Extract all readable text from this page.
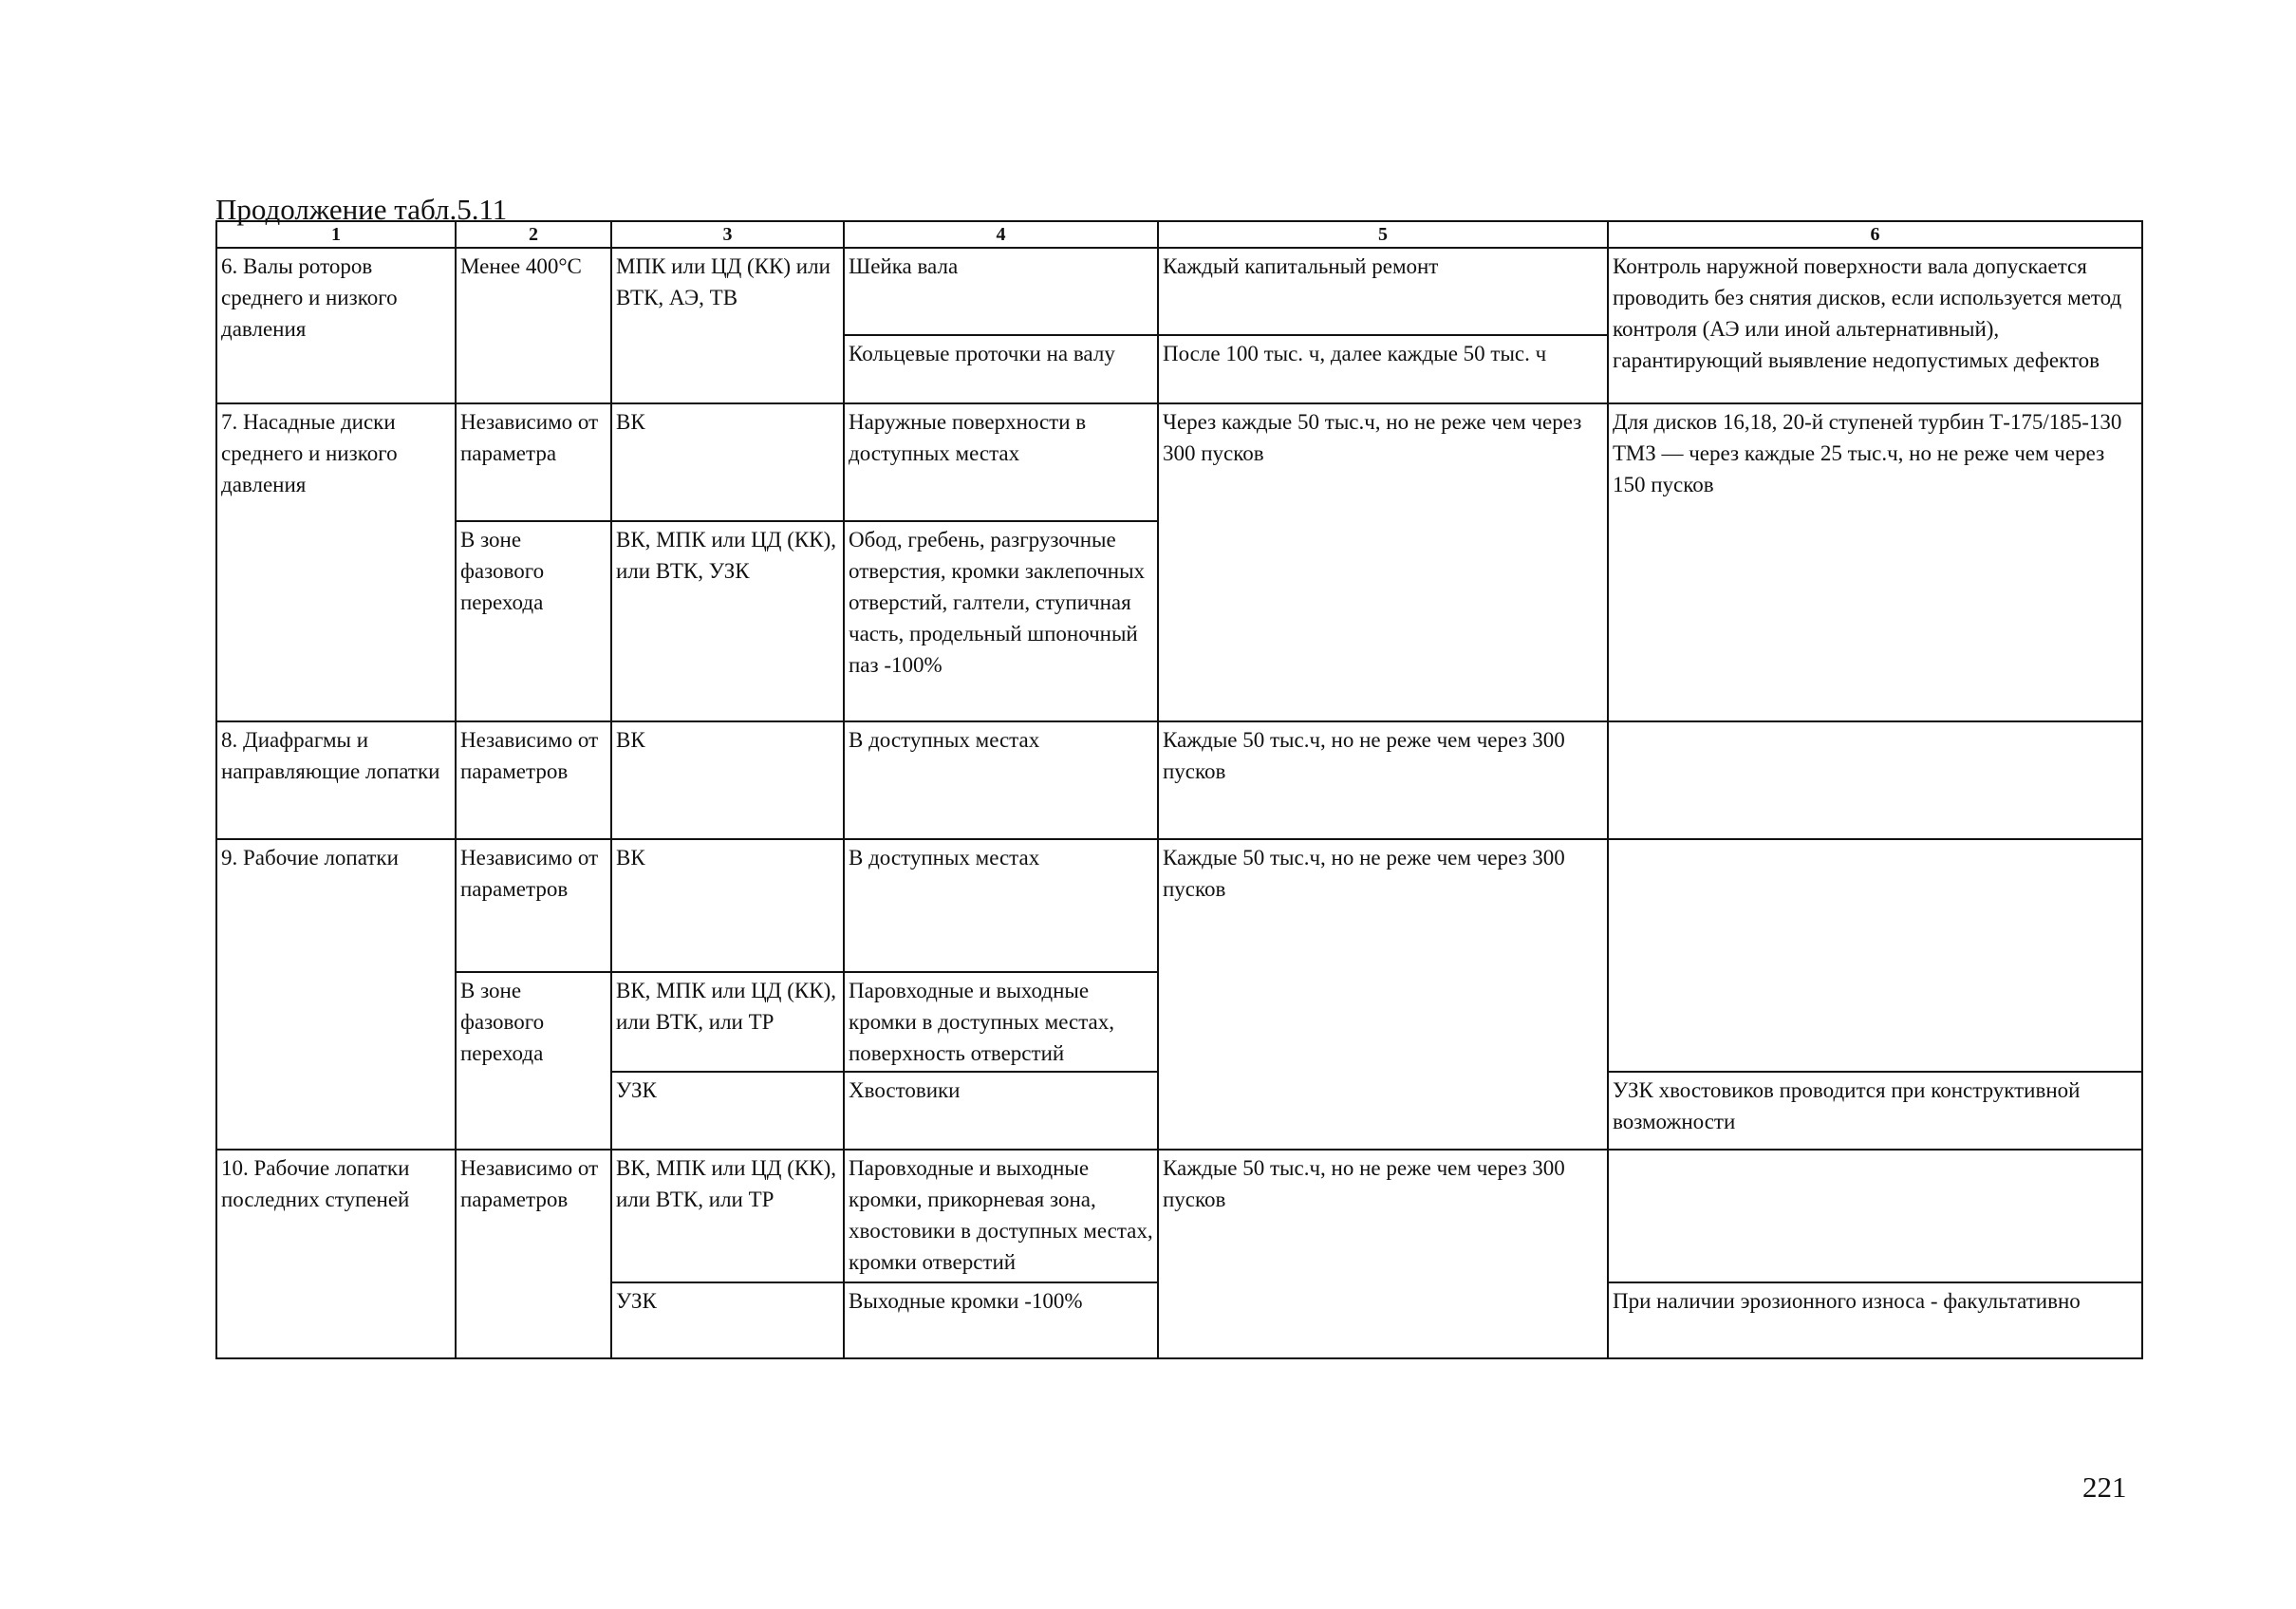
Продолжение табл.5.11
1	2	3	4	5	6
6. Валы роторов среднего и низкого давления	Менее 400°С	МПК или ЦД (КК) или ВТК, АЭ, ТВ	Шейка вала	Каждый капитальный ремонт	Контроль наружной поверхности вала допускается проводить без снятия дисков, если используется метод контроля (АЭ или иной альтернативный), гарантирующий выявление недопустимых дефектов
			Кольцевые проточки на валу	После 100 тыс. ч, далее каждые 50 тыс. ч	
7. Насадные диски среднего и низкого давления	Независимо от параметра	ВК	Наружные поверхности в доступных местах	Через каждые 50 тыс.ч, но не реже чем через 300 пусков	Для дисков 16,18, 20-й ступеней турбин Т-175/185-130 ТМЗ — через каждые 25 тыс.ч, но не реже чем через 150 пусков
	В зоне фазового перехода	ВК, МПК или ЦД (КК), или ВТК, УЗК	Обод, гребень, разгрузочные отверстия, кромки заклепочных отверстий, галтели, ступичная часть, продельный шпоночный паз -100%		
8. Диафрагмы и направляющие лопатки	Независимо от параметров	ВК	В доступных местах	Каждые 50 тыс.ч, но не реже чем через 300 пусков	
9. Рабочие лопатки	Независимо от параметров	ВК	В доступных местах	Каждые 50 тыс.ч, но не реже чем через 300 пусков	
	В зоне фазового перехода	ВК, МПК или ЦД (КК), или ВТК, или ТР	Паровходные и выходные кромки в доступных местах, поверхность отверстий		
		УЗК	Хвостовики		УЗК хвостовиков проводится при конструктивной возможности
10. Рабочие лопатки последних ступеней	Независимо от параметров	ВК, МПК или ЦД (КК), или ВТК, или ТР	Паровходные и выходные кромки, прикорневая зона, хвостовики в доступных местах, кромки отверстий	Каждые 50 тыс.ч, но не реже чем через 300 пусков	
		УЗК	Выходные кромки -100%		При наличии эрозионного износа - факультативно
221
